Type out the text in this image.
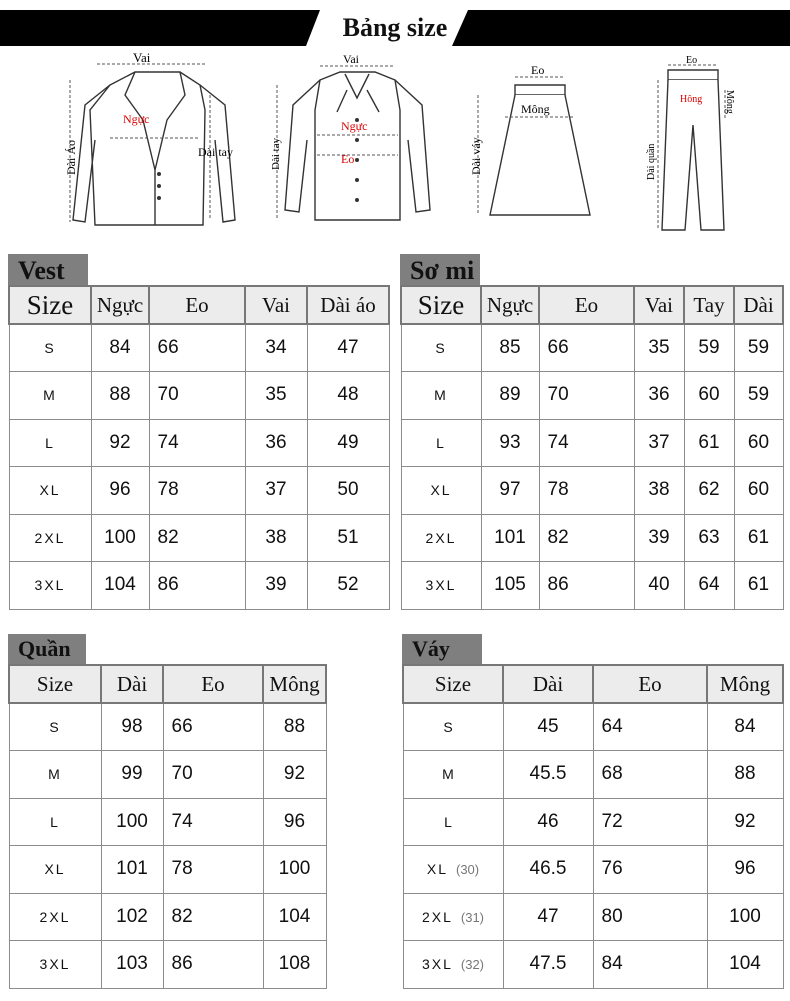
Bảng size
Vai
Ngực
Dài Áo	Dài tay
Vai
Ngực
Eo
Dài tay
Eo
Mông
Dài váy
Eo
Hông Mông
Dài quần
Vest
Size	Ngực	Eo	Vai	Dài áo
S	84	66	34	47
M	88	70	35	48
L	92	74	36	49
XL	96	78	37	50
2XL	100	82	38	51
3XL	104	86	39	52
Sơ mi
Size	Ngực	Eo	Vai	Tay	Dài
S	85	66	35	59	59
M	89	70	36	60	59
L	93	74	37	61	60
XL	97	78	38	62	60
2XL	101	82	39	63	61
3XL	105	86	40	64	61
Quần
Size	Dài	Eo	Mông
S	98	66	88
M	99	70	92
L	100	74	96
XL	101	78	100
2XL	102	82	104
3XL	103	86	108
Váy
Size	Dài	Eo	Mông
S	45	64	84
M	45.5	68	88
L	46	72	92
XL (30)	46.5	76	96
2XL (31)	47	80	100
3XL (32)	47.5	84	104
